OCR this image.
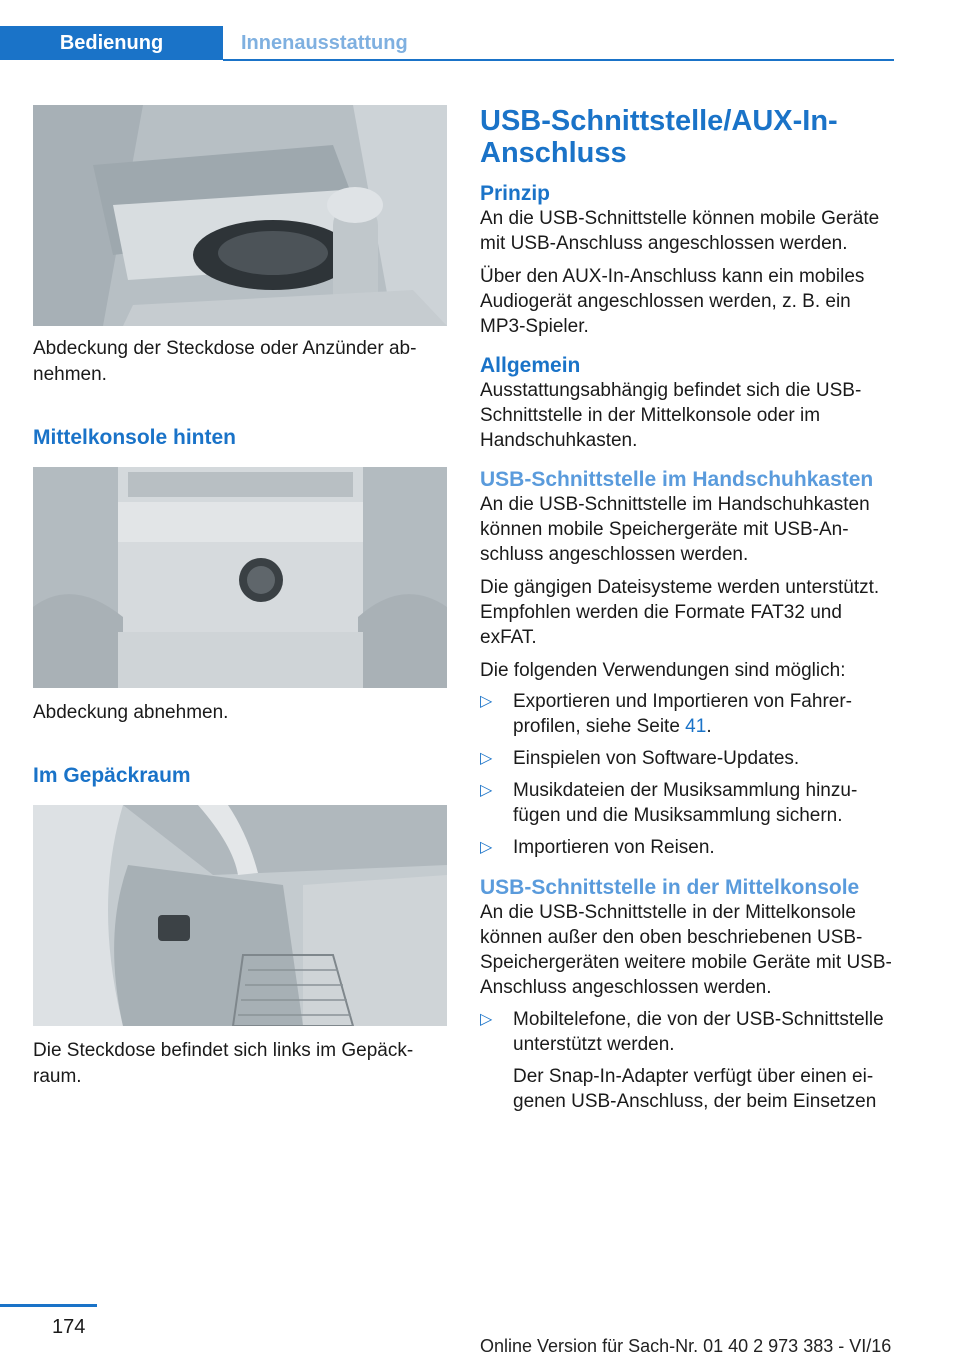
Bedienung	Innenausstattung

Abdeckung der Steckdose oder Anzünder abnehmen.

Mittelkonsole hinten

Abdeckung abnehmen.

Im Gepäckraum

Die Steckdose befindet sich links im Gepäckraum.

USB-Schnittstelle/AUX-In-Anschluss

Prinzip

An die USB-Schnittstelle können mobile Geräte mit USB-Anschluss angeschlossen werden.

Über den AUX-In-Anschluss kann ein mobiles Audiogerät angeschlossen werden, z. B. ein MP3-Spieler.

Allgemein

Ausstattungsabhängig befindet sich die USB-Schnittstelle in der Mittelkonsole oder im Handschuhkasten.

USB-Schnittstelle im Handschuhkasten

An die USB-Schnittstelle im Handschuhkasten können mobile Speichergeräte mit USB-Anschluss angeschlossen werden.

Die gängigen Dateisysteme werden unterstützt. Empfohlen werden die Formate FAT32 und exFAT.

Die folgenden Verwendungen sind möglich:

▷ Exportieren und Importieren von Fahrerprofilen, siehe Seite 41.
▷ Einspielen von Software-Updates.
▷ Musikdateien der Musiksammlung hinzufügen und die Musiksammlung sichern.
▷ Importieren von Reisen.

USB-Schnittstelle in der Mittelkonsole

An die USB-Schnittstelle in der Mittelkonsole können außer den oben beschriebenen USB-Speichergeräten weitere mobile Geräte mit USB-Anschluss angeschlossen werden.

▷ Mobiltelefone, die von der USB-Schnittstelle unterstützt werden.
Der Snap-In-Adapter verfügt über einen eigenen USB-Anschluss, der beim Einsetzen
174
Online Version für Sach-Nr. 01 40 2 973 383 - VI/16
